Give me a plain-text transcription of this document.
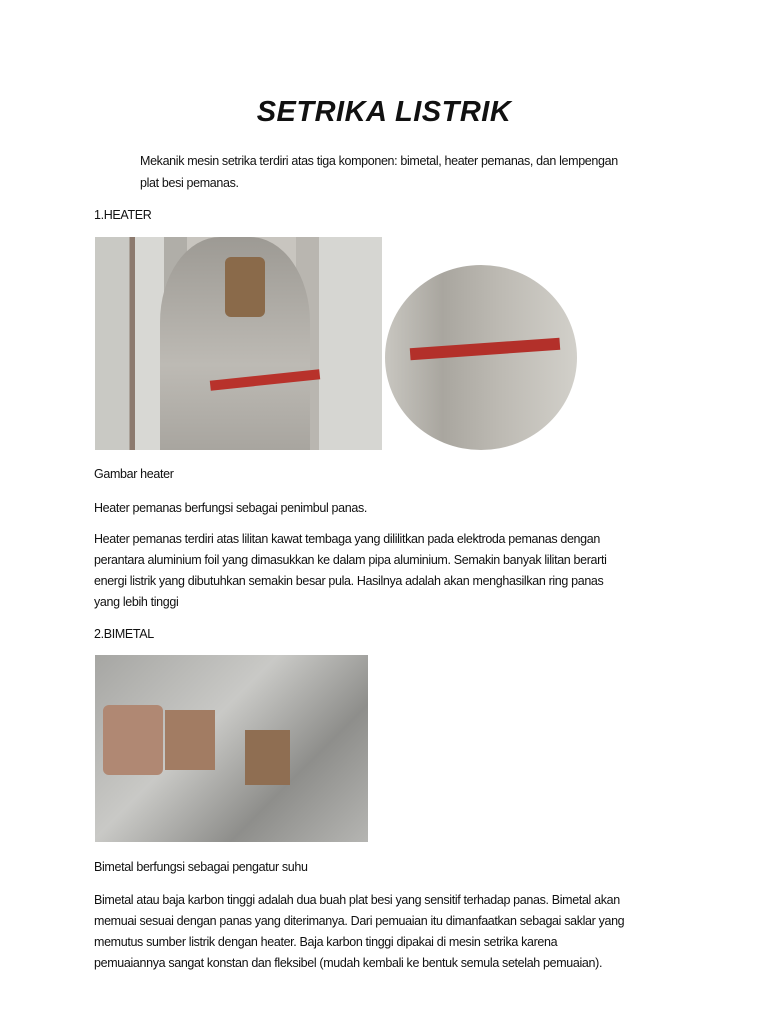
SETRIKA LISTRIK
Mekanik mesin setrika terdiri atas tiga komponen: bimetal, heater pemanas, dan lempengan
plat besi pemanas.
1.HEATER
Gambar heater
Heater pemanas berfungsi sebagai penimbul panas.
Heater pemanas terdiri atas lilitan kawat tembaga yang dililitkan pada elektroda pemanas dengan
perantara aluminium foil yang dimasukkan ke dalam pipa aluminium. Semakin banyak lilitan berarti
energi listrik yang dibutuhkan semakin besar pula. Hasilnya adalah akan menghasilkan ring panas
yang lebih tinggi
2.BIMETAL
Bimetal berfungsi sebagai pengatur suhu
Bimetal atau baja karbon tinggi adalah dua buah plat besi yang sensitif terhadap panas. Bimetal akan
memuai sesuai dengan panas yang diterimanya. Dari pemuaian itu dimanfaatkan sebagai saklar yang
memutus sumber listrik dengan heater. Baja karbon tinggi dipakai di mesin setrika karena
pemuaiannya sangat konstan dan fleksibel (mudah kembali ke bentuk semula setelah pemuaian).
